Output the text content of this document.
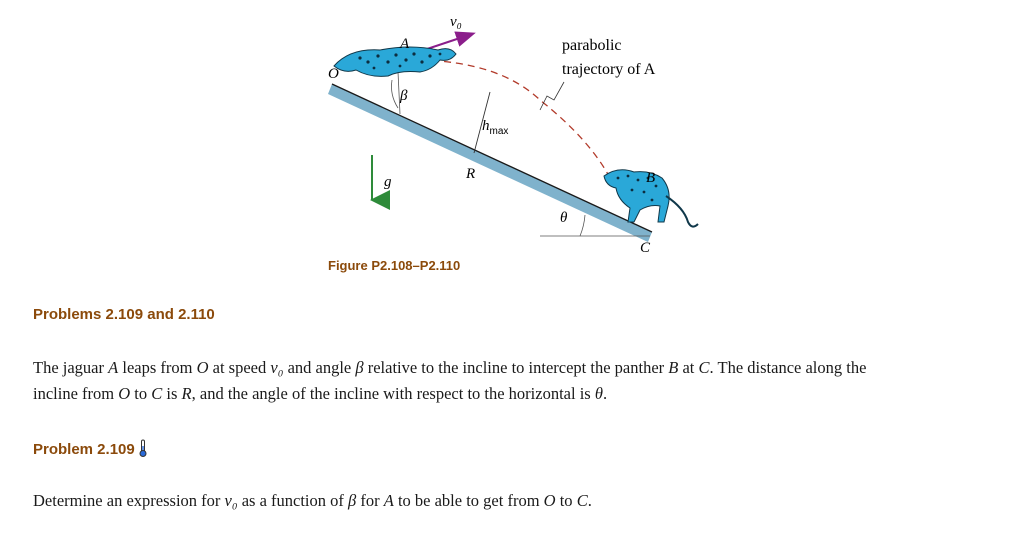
v₀
A
O
β
$h_{max}$
R
g
θ
B
C
parabolic
trajectory of A
Figure P2.108–P2.110
Problems 2.109 and 2.110
The jaguar A leaps from O at speed v₀ and angle β relative to the incline to intercept the panther B at C. The distance along the
incline from O to C is R, and the angle of the incline with respect to the horizontal is θ.
Problem 2.109
Determine an expression for v₀ as a function of β for A to be able to get from O to C.
